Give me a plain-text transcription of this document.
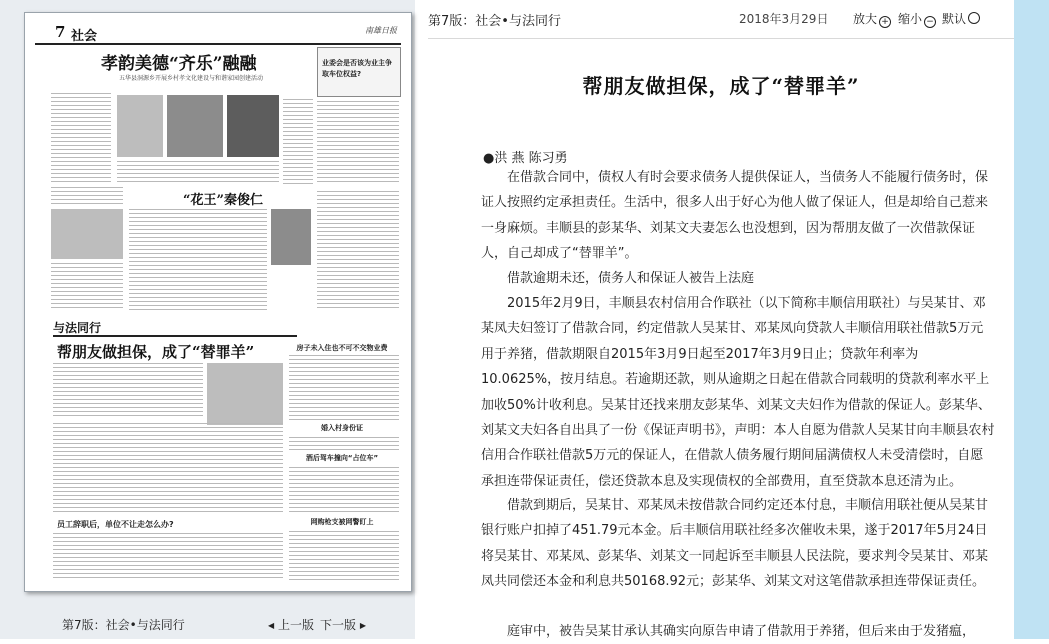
7 社会	南雄日报
孝韵美德“齐乐”融融
五华县洞源乡开展乡村孝文化建设与和谐家园创建活动
业委会是否该为业主争取车位权益?
“花王”秦俊仁
与法同行
帮朋友做担保，成了“替罪羊”	房子未入住也不可不交物业费
婚入村身份证
酒后驾车撞向“占位车”
网购枪支被网警盯上
员工辞职后，单位不让走怎么办?
第7版：社会•与法同行	◀ 上一版 下一版 ▶
第7版：社会•与法同行	2018年3月29日 放大 + 缩小 − 默认
帮朋友做担保，成了“替罪羊”
●洪 燕 陈习勇

在借款合同中，债权人有时会要求债务人提供保证人，当债务人不能履行债务时，保证人按照约定承担责任。生活中，很多人出于好心为他人做了保证人，但是却给自己惹来一身麻烦。丰顺县的彭某华、刘某文夫妻怎么也没想到，因为帮朋友做了一次借款保证人，自己却成了“替罪羊”。

借款逾期未还，债务人和保证人被告上法庭

2015年2月9日，丰顺县农村信用合作联社（以下简称丰顺信用联社）与吴某甘、邓某凤夫妇签订了借款合同，约定借款人吴某甘、邓某凤向贷款人丰顺信用联社借款5万元用于养猪，借款期限自2015年3月9日起至2017年3月9日止；贷款年利率为10.0625%，按月结息。若逾期还款，则从逾期之日起在借款合同载明的贷款利率水平上加收50%计收利息。吴某甘还找来朋友彭某华、刘某文夫妇作为借款的保证人。彭某华、刘某文夫妇各自出具了一份《保证声明书》，声明：本人自愿为借款人吴某甘向丰顺县农村信用合作联社借款5万元的保证人，在借款人债务履行期间届满债权人未受清偿时，自愿承担连带保证责任，偿还贷款本息及实现债权的全部费用，直至贷款本息还清为止。

借款到期后，吴某甘、邓某凤未按借款合同约定还本付息，丰顺信用联社便从吴某甘银行账户扣掉了451.79元本金。后丰顺信用联社经多次催收未果，遂于2017年5月24日将吴某甘、邓某凤、彭某华、刘某文一同起诉至丰顺县人民法院，要求判令吴某甘、邓某凤共同偿还本金和利息共50168.92元；彭某华、刘某文对这笔借款承担连带保证责任。

庭审中，被告吴某甘承认其确实向原告申请了借款用于养猪，但后来由于发猪瘟，
